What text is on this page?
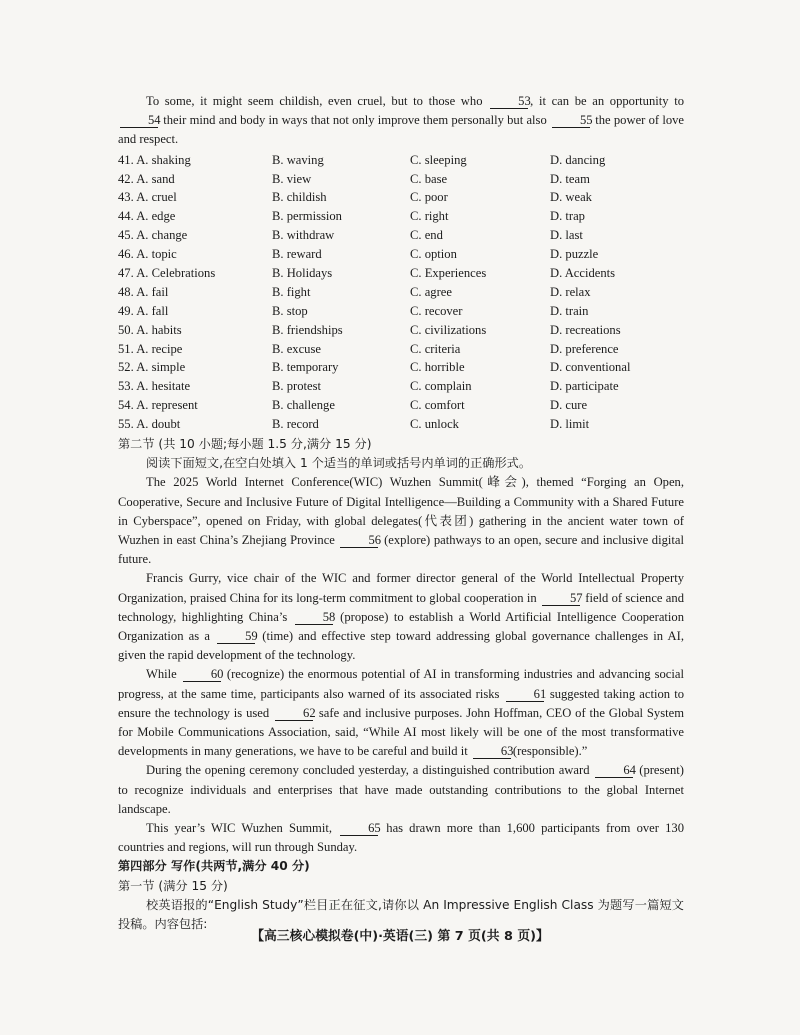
To some, it might seem childish, even cruel, but to those who	53, it can be an opportunity to 54 their mind and body in ways that not only improve them personally but also	55 the power of love and respect.

41. A. shaking	B. waving	C. sleeping	D. dancing
42. A. sand	B. view	C. base	D. team
43. A. cruel	B. childish	C. poor	D. weak
44. A. edge	B. permission	C. right	D. trap
45. A. change	B. withdraw	C. end	D. last
46. A. topic	B. reward	C. option	D. puzzle
47. A. Celebrations	B. Holidays	C. Experiences	D. Accidents
48. A. fail	B. fight	C. agree	D. relax
49. A. fall	B. stop	C. recover	D. train
50. A. habits	B. friendships	C. civilizations	D. recreations
51. A. recipe	B. excuse	C. criteria	D. preference
52. A. simple	B. temporary	C. horrible	D. conventional
53. A. hesitate	B. protest	C. complain	D. participate
54. A. represent	B. challenge	C. comfort	D. cure
55. A. doubt	B. record	C. unlock	D. limit
第二节 (共 10 小题;每小题 1.5 分,满分 15 分)

阅读下面短文,在空白处填入 1 个适当的单词或括号内单词的正确形式。

The 2025 World Internet Conference(WIC) Wuzhen Summit(峰会), themed “Forging an Open, Cooperative, Secure and Inclusive Future of Digital Intelligence—Building a Community with a Shared Future in Cyberspace”, opened on Friday, with global delegates(代表团) gathering in the ancient water town of Wuzhen in east China’s Zhejiang Province	56 (explore) pathways to an open, secure and inclusive digital future.

Francis Gurry, vice chair of the WIC and former director general of the World Intellectual Property Organization, praised China for its long-term commitment to global cooperation in	57 field of science and technology, highlighting China’s	58 (propose) to establish a World Artificial Intelligence Cooperation Organization as a	59 (time) and effective step toward addressing global governance challenges in AI, given the rapid development of the technology.

While	60 (recognize) the enormous potential of AI in transforming industries and advancing social progress, at the same time, participants also warned of its associated risks	61 suggested taking action to ensure the technology is used	62 safe and inclusive purposes. John Hoffman, CEO of the Global System for Mobile Communications Association, said, “While AI most likely will be one of the most transformative developments in many generations, we have to be careful and build it	63(responsible).”

During the opening ceremony concluded yesterday, a distinguished contribution award	64 (present) to recognize individuals and enterprises that have made outstanding contributions to the global Internet landscape.

This year’s WIC Wuzhen Summit,	65 has drawn more than 1,600 participants from over 130 countries and regions, will run through Sunday.

第四部分 写作(共两节,满分 40 分)
第一节 (满分 15 分)

校英语报的“English Study”栏目正在征文,请你以 An Impressive English Class 为题写一篇短文投稿。内容包括:

【高三核心模拟卷(中)·英语(三) 第 7 页(共 8 页)】
